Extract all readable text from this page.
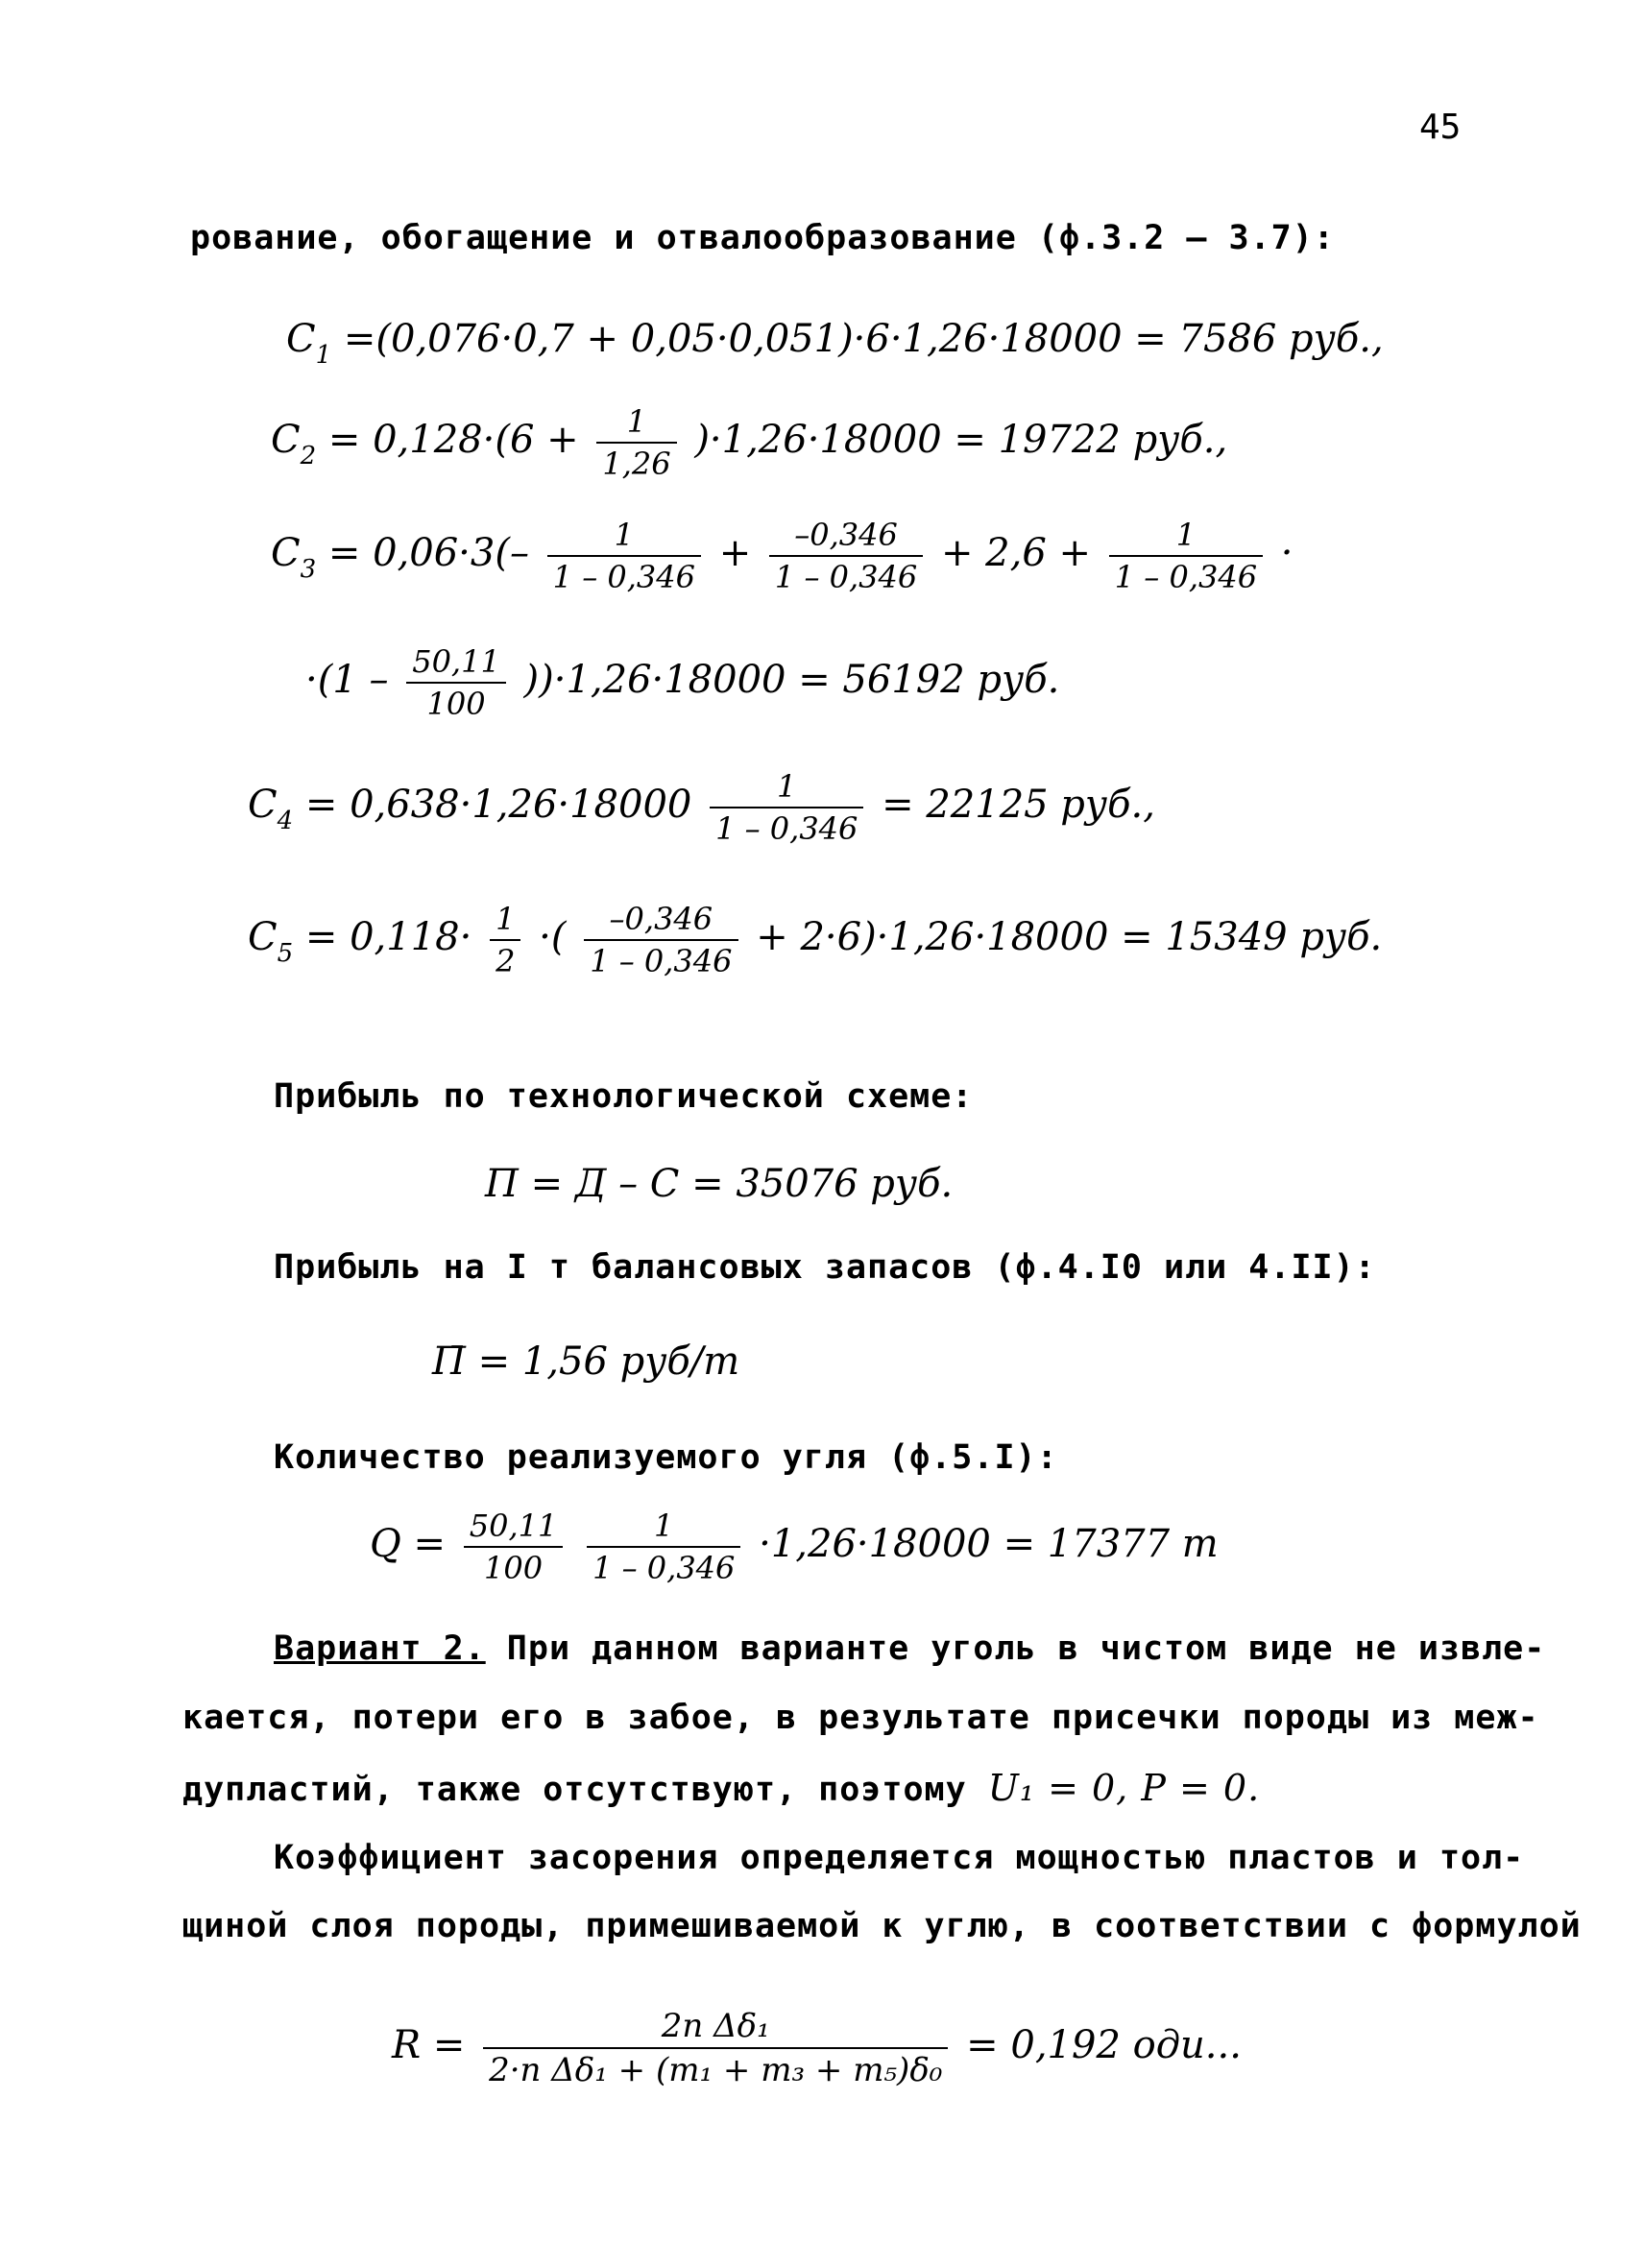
45
рование, обогащение и отвалообразование (ф.3.2 – 3.7):
$C_1 =(0,076\cdot 0,7 + 0,05\cdot 0,051)\cdot 6\cdot 1,26\cdot 18000 = 7586$ руб.,
$C_2 = 0,128\cdot(6 + \frac{1}{1,26} )\cdot 1,26\cdot 18000 = 19722$ руб.,
$C_3 = 0,06\cdot 3(- \frac{1}{1 - 0,346} + \frac{-0,346}{1 - 0,346} + 2,6 + \frac{1}{1 - 0,346}$ ·
$\cdot(1 - \frac{50,11}{100} ))\cdot 1,26\cdot 18000 = 56192$ руб.
$C_4 = 0,638\cdot 1,26\cdot 18000 \frac{1}{1 - 0,346} = 22125$ руб.,
$C_5 = 0,118\cdot \frac{1}{2}$ ·( $\frac{-0,346}{1 - 0,346} + 2\cdot 6)\cdot 1,26\cdot 18000 = 15349$ руб.
Прибыль по технологической схеме:
П = Д – С = 35076 руб.
Прибыль на I т балансовых запасов (ф.4.I0 или 4.II):
П̄ = 1,56 руб/т
Количество реализуемого угля (ф.5.I):
$Q = \frac{50,11}{100}$
$\frac{1}{1 - 0,346} \cdot 1,26\cdot 18000 = 17377$ т
Вариант 2. При данном варианте уголь в чистом виде не извле-
кается, потери его в забое, в результате присечки породы из меж-
дупластий, также отсутствуют, поэтому U₁ = 0, P = 0.
Коэффициент засорения определяется мощностью пластов и тол-
щиной слоя породы, примешиваемой к углю, в соответствии с формулой
$R = \frac{\text{2n Δδ₁}}{\text{2·n Δδ₁ + (m₁ + m₃ + m₅)δ₀}} = 0,192$ оди...
